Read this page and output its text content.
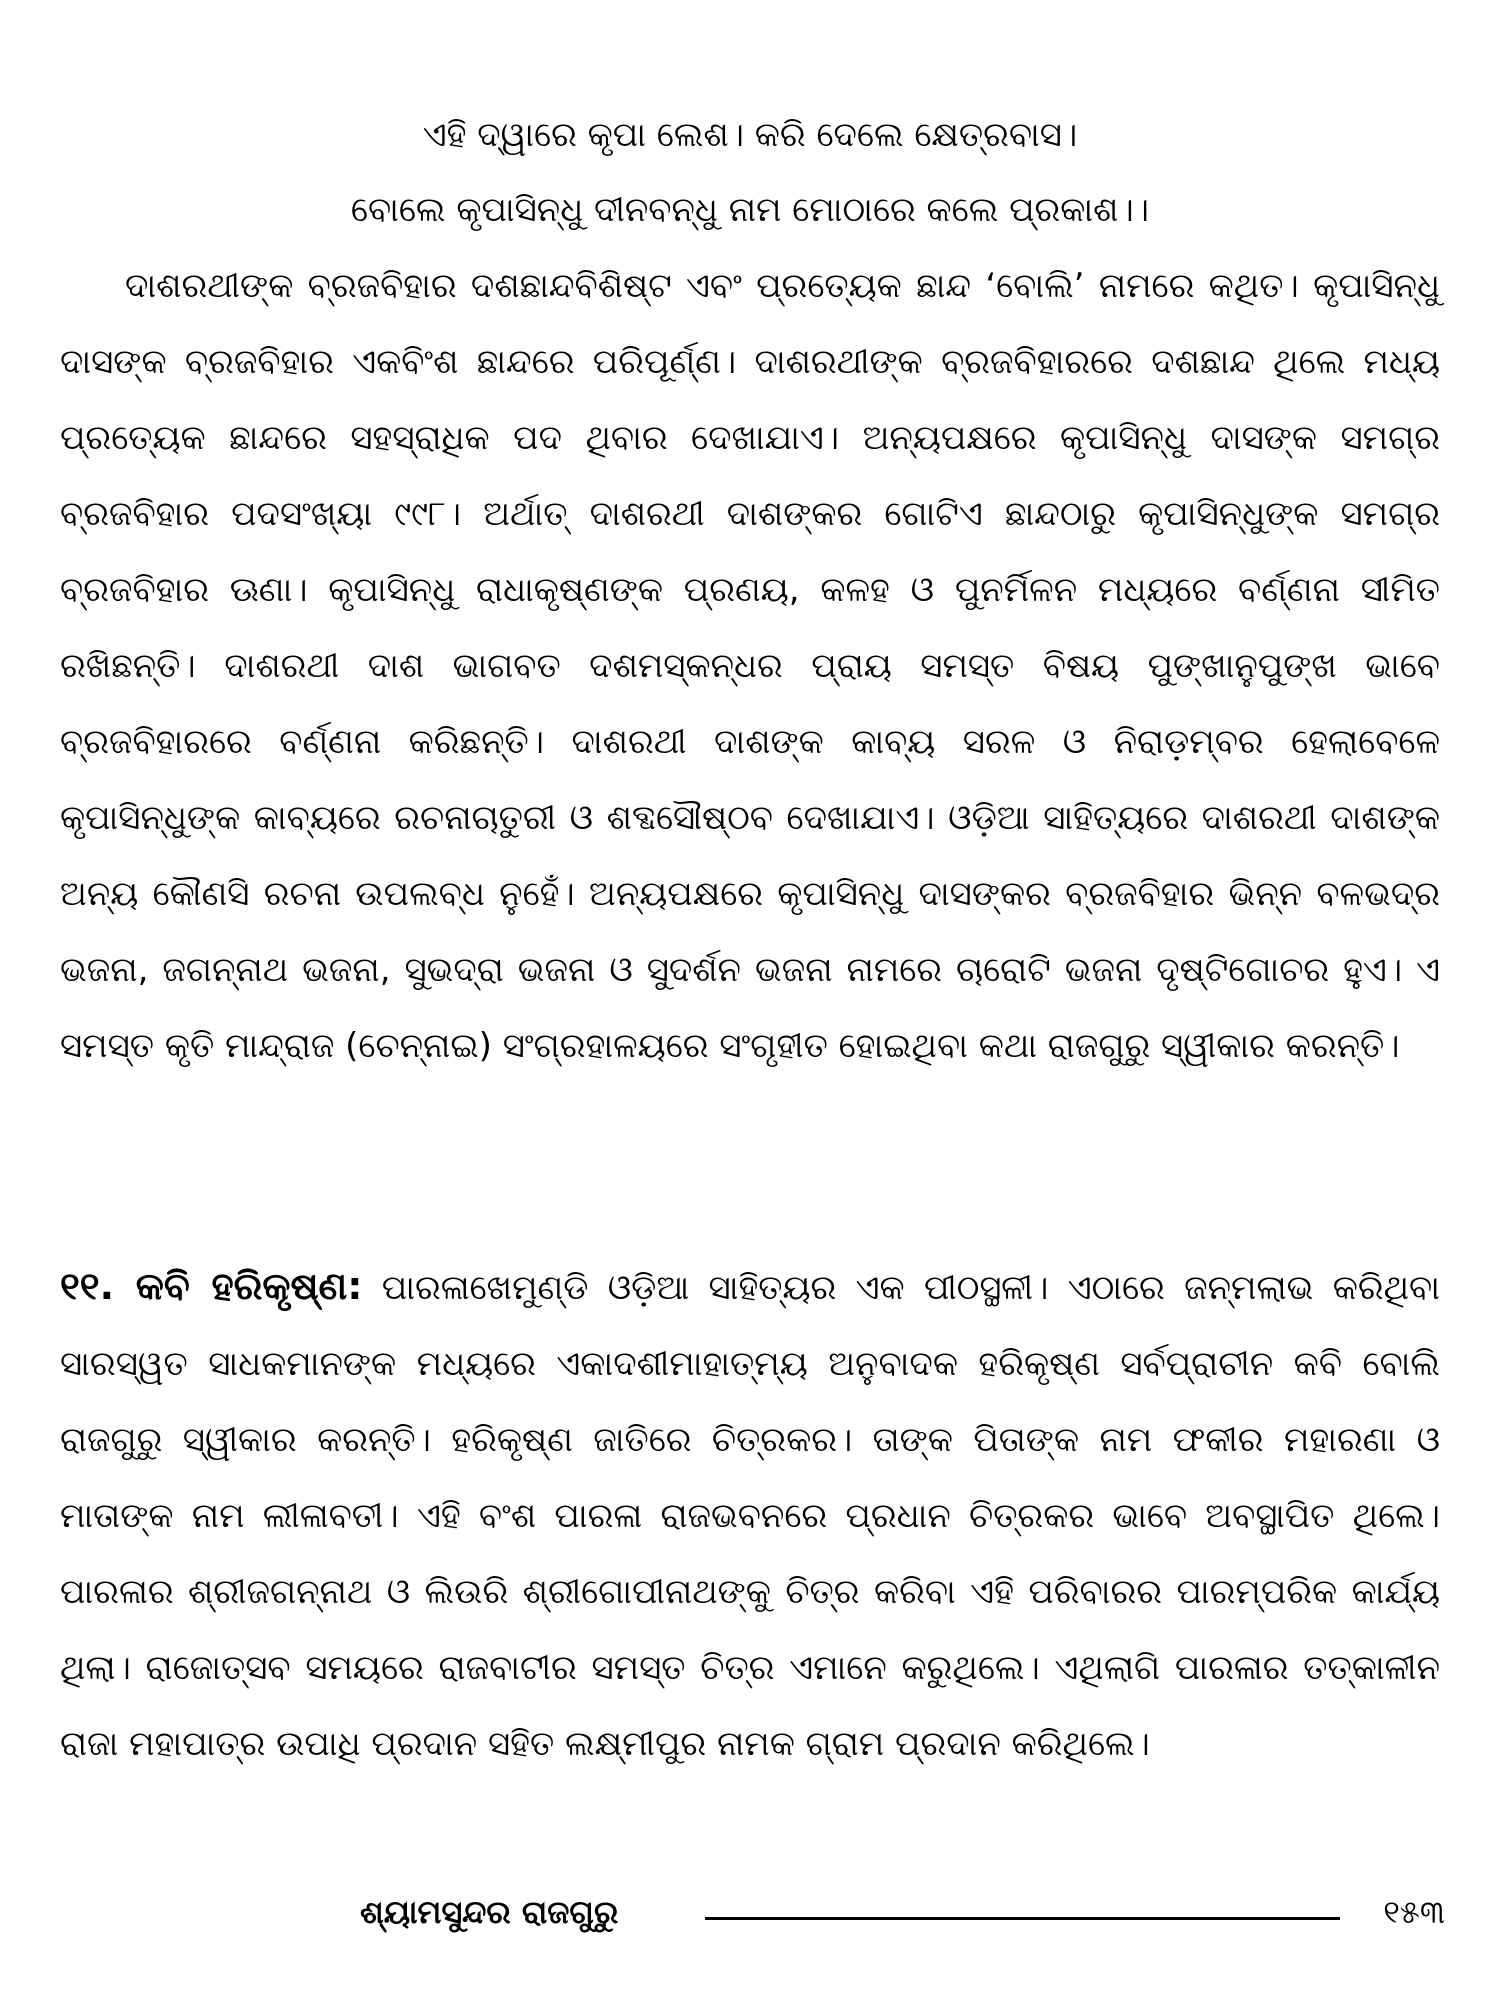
ଏହି ଦ୍ୱାରେ କୃପା ଲେଶ। କରି ଦେଲେ କ୍ଷେତ୍ରବାସ।
ବୋଲେ କୃପାସିନ୍ଧୁ ଦୀନବନ୍ଧୁ ନାମ ମୋଠାରେ କଲେ ପ୍ରକାଶ।।

ଦାଶରଥୀଙ୍କ ବ୍ରଜବିହାର ଦଶଛାନ୍ଦବିଶିଷ୍ଟ ଏବଂ ପ୍ରତ୍ୟେକ ଛାନ୍ଦ ‘ବୋଲି’ ନାମରେ କଥିତ। କୃପାସିନ୍ଧୁ ଦାସଙ୍କ ବ୍ରଜବିହାର ଏକବିଂଶ ଛାନ୍ଦରେ ପରିପୂର୍ଣ୍ଣ। ଦାଶରଥୀଙ୍କ ବ୍ରଜବିହାରରେ ଦଶଛାନ୍ଦ ଥିଲେ ମଧ୍ୟ ପ୍ରତ୍ୟେକ ଛାନ୍ଦରେ ସହସ୍ରାଧିକ ପଦ ଥିବାର ଦେଖାଯାଏ। ଅନ୍ୟପକ୍ଷରେ କୃପାସିନ୍ଧୁ ଦାସଙ୍କ ସମଗ୍ର ବ୍ରଜବିହାର ପଦସଂଖ୍ୟା ୯୯୮। ଅର୍ଥାତ୍ ଦାଶରଥୀ ଦାଶଙ୍କର ଗୋଟିଏ ଛାନ୍ଦଠାରୁ କୃପାସିନ୍ଧୁଙ୍କ ସମଗ୍ର ବ୍ରଜବିହାର ଊଣା। କୃପାସିନ୍ଧୁ ରାଧାକୃଷ୍ଣଙ୍କ ପ୍ରଣୟ, କଳହ ଓ ପୁନର୍ମିଳନ ମଧ୍ୟରେ ବର୍ଣ୍ଣନା ସୀମିତ ରଖିଛନ୍ତି। ଦାଶରଥୀ ଦାଶ ଭାଗବତ ଦଶମସ୍କନ୍ଧର ପ୍ରାୟ ସମସ୍ତ ବିଷୟ ପୁଙ୍ଖାନୁପୁଙ୍ଖ ଭାବେ ବ୍ରଜବିହାରରେ ବର୍ଣ୍ଣନା କରିଛନ୍ତି। ଦାଶରଥୀ ଦାଶଙ୍କ କାବ୍ୟ ସରଳ ଓ ନିରାଡ଼ମ୍ବର ହେଲାବେଳେ କୃପାସିନ୍ଧୁଙ୍କ କାବ୍ୟରେ ରଚନାଚାତୁରୀ ଓ ଶବ୍ଦସୌଷ୍ଠବ ଦେଖାଯାଏ। ଓଡ଼ିଆ ସାହିତ୍ୟରେ ଦାଶରଥୀ ଦାଶଙ୍କ ଅନ୍ୟ କୌଣସି ରଚନା ଉପଲବ୍ଧ ନୁହେଁ। ଅନ୍ୟପକ୍ଷରେ କୃପାସିନ୍ଧୁ ଦାସଙ୍କର ବ୍ରଜବିହାର ଭିନ୍ନ ବଳଭଦ୍ର ଭଜନା, ଜଗନ୍ନାଥ ଭଜନା, ସୁଭଦ୍ରା ଭଜନା ଓ ସୁଦର୍ଶନ ଭଜନା ନାମରେ ଚାରୋଟି ଭଜନା ଦୃଷ୍ଟିଗୋଚର ହୁଏ। ଏ ସମସ୍ତ କୃତି ମାନ୍ଦ୍ରାଜ (ଚେନ୍ନାଇ) ସଂଗ୍ରହାଳୟରେ ସଂଗୃହୀତ ହୋଇଥିବା କଥା ରାଜଗୁରୁ ସ୍ୱୀକାର କରନ୍ତି।

୧୧. କବି ହରିକୃଷ୍ଣ: ପାରଳାଖେମୁଣ୍ଡି ଓଡ଼ିଆ ସାହିତ୍ୟର ଏକ ପୀଠସ୍ଥଳୀ। ଏଠାରେ ଜନ୍ମଲାଭ କରିଥିବା ସାରସ୍ୱତ ସାଧକମାନଙ୍କ ମଧ୍ୟରେ ଏକାଦଶୀମାହାତ୍ମ୍ୟ ଅନୁବାଦକ ହରିକୃଷ୍ଣ ସର୍ବପ୍ରାଚୀନ କବି ବୋଲି ରାଜଗୁରୁ ସ୍ୱୀକାର କରନ୍ତି। ହରିକୃଷ୍ଣ ଜାତିରେ ଚିତ୍ରକର। ତାଙ୍କ ପିତାଙ୍କ ନାମ ଫକୀର ମହାରଣା ଓ ମାତାଙ୍କ ନାମ ଲୀଳାବତୀ। ଏହି ବଂଶ ପାରଳା ରାଜଭବନରେ ପ୍ରଧାନ ଚିତ୍ରକର ଭାବେ ଅବସ୍ଥାପିତ ଥିଲେ। ପାରଳାର ଶ୍ରୀଜଗନ୍ନାଥ ଓ ଲିଉରି ଶ୍ରୀଗୋପୀନାଥଙ୍କୁ ଚିତ୍ର କରିବା ଏହି ପରିବାରର ପାରମ୍ପରିକ କାର୍ଯ୍ୟ ଥିଲା। ରାଜୋତ୍ସବ ସମୟରେ ରାଜବାଟୀର ସମସ୍ତ ଚିତ୍ର ଏମାନେ କରୁଥିଲେ। ଏଥିଲାଗି ପାରଳାର ତତ୍କାଳୀନ ରାଜା ମହାପାତ୍ର ଉପାଧି ପ୍ରଦାନ ସହିତ ଲକ୍ଷ୍ମୀପୁର ନାମକ ଗ୍ରାମ ପ୍ରଦାନ କରିଥିଲେ।

ଶ୍ୟାମସୁନ୍ଦର ରାଜଗୁରୁ	୧୫୩
